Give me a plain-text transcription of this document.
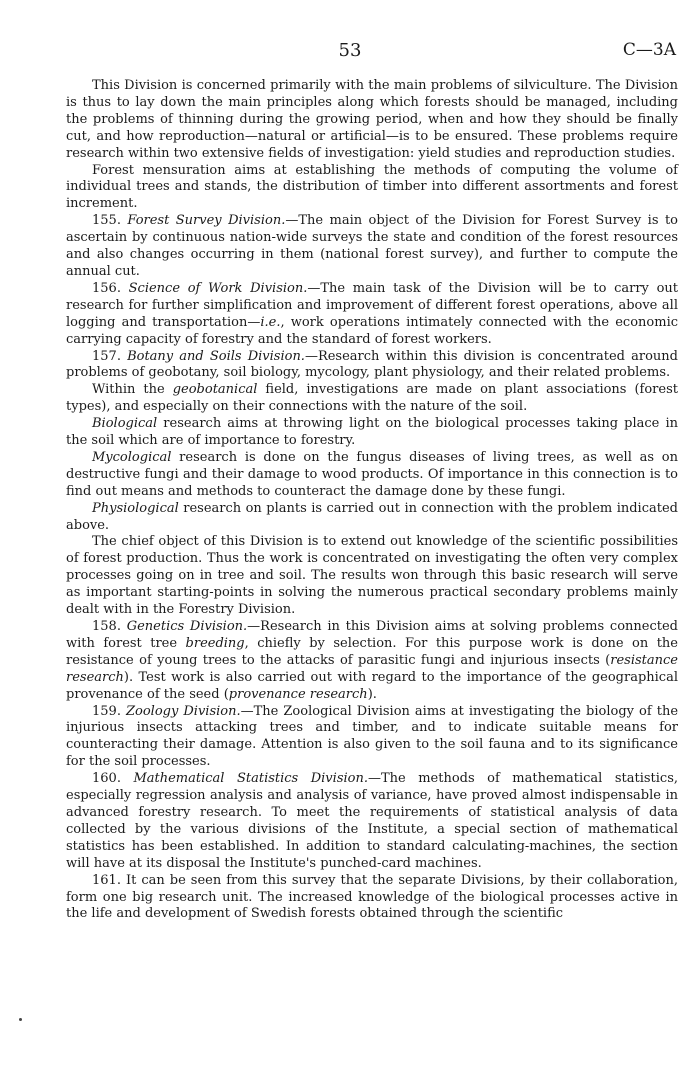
53	C—3A

This Division is concerned primarily with the main problems of silviculture. The Division is thus to lay down the main principles along which forests should be managed, including the problems of thinning during the growing period, when and how they should be finally cut, and how reproduction—natural or artificial—is to be ensured. These problems require research within two extensive fields of investigation: yield studies and reproduction studies.

Forest mensuration aims at establishing the methods of computing the volume of individual trees and stands, the distribution of timber into different assortments and forest increment.

155. Forest Survey Division.—The main object of the Division for Forest Survey is to ascertain by continuous nation-wide surveys the state and condition of the forest resources and also changes occurring in them (national forest survey), and further to compute the annual cut.

156. Science of Work Division.—The main task of the Division will be to carry out research for further simplification and improvement of different forest operations, above all logging and transportation—i.e., work operations intimately connected with the economic carrying capacity of forestry and the standard of forest workers.

157. Botany and Soils Division.—Research within this division is concentrated around problems of geobotany, soil biology, mycology, plant physiology, and their related problems.

Within the geobotanical field, investigations are made on plant associations (forest types), and especially on their connections with the nature of the soil.

Biological research aims at throwing light on the biological processes taking place in the soil which are of importance to forestry.

Mycological research is done on the fungus diseases of living trees, as well as on destructive fungi and their damage to wood products. Of importance in this connection is to find out means and methods to counteract the damage done by these fungi.

Physiological research on plants is carried out in connection with the problem indicated above.

The chief object of this Division is to extend out knowledge of the scientific possibilities of forest production. Thus the work is concentrated on investigating the often very complex processes going on in tree and soil. The results won through this basic research will serve as important starting-points in solving the numerous practical secondary problems mainly dealt with in the Forestry Division.

158. Genetics Division.—Research in this Division aims at solving problems connected with forest tree breeding, chiefly by selection. For this purpose work is done on the resistance of young trees to the attacks of parasitic fungi and injurious insects (resistance research). Test work is also carried out with regard to the importance of the geographical provenance of the seed (provenance research).

159. Zoology Division.—The Zoological Division aims at investigating the biology of the injurious insects attacking trees and timber, and to indicate suitable means for counteracting their damage. Attention is also given to the soil fauna and to its significance for the soil processes.

160. Mathematical Statistics Division.—The methods of mathematical statistics, especially regression analysis and analysis of variance, have proved almost indispensable in advanced forestry research. To meet the requirements of statistical analysis of data collected by the various divisions of the Institute, a special section of mathematical statistics has been established. In addition to standard calculating-machines, the section will have at its disposal the Institute's punched-card machines.

161. It can be seen from this survey that the separate Divisions, by their collaboration, form one big research unit. The increased knowledge of the biological processes active in the life and development of Swedish forests obtained through the scientific
